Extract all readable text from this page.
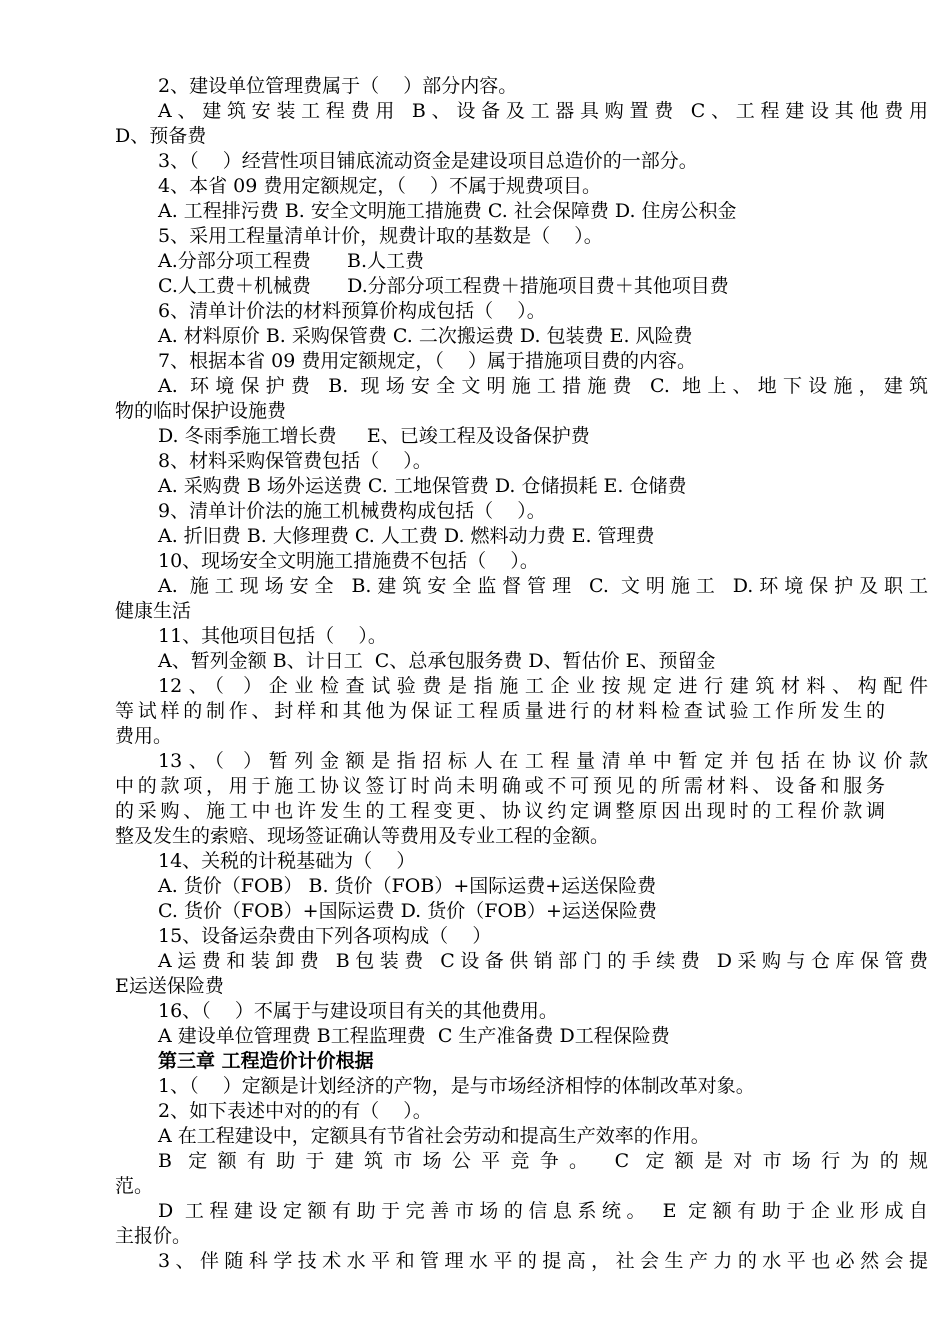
2、建设单位管理费属于（    ）部分内容。
A、建筑安装工程费用 B、设备及工器具购置费 C、工程建设其他费用
D、预备费
3、（    ）经营性项目铺底流动资金是建设项目总造价的一部分。
4、本省 09 费用定额规定，（    ）不属于规费项目。
A. 工程排污费 B. 安全文明施工措施费 C. 社会保障费 D. 住房公积金
5、采用工程量清单计价，规费计取的基数是（    ）。
A.分部分项工程费      B.人工费
C.人工费＋机械费      D.分部分项工程费＋措施项目费＋其他项目费
6、清单计价法的材料预算价构成包括（    ）。
A. 材料原价 B. 采购保管费 C. 二次搬运费 D. 包装费 E. 风险费
7、根据本省 09 费用定额规定，（    ）属于措施项目费的内容。
A. 环境保护费 B. 现场安全文明施工措施费 C. 地上、地下设施，建筑
物的临时保护设施费
D. 冬雨季施工增长费     E、已竣工程及设备保护费
8、材料采购保管费包括（    ）。
A. 采购费 B 场外运送费 C. 工地保管费 D. 仓储损耗 E. 仓储费
9、清单计价法的施工机械费构成包括（    ）。
A. 折旧费 B. 大修理费 C. 人工费 D. 燃料动力费 E. 管理费
10、现场安全文明施工措施费不包括（    ）。
A. 施工现场安全 B.建筑安全监督管理 C. 文明施工 D.环境保护及职工
健康生活
11、其他项目包括（    ）。
A、暂列金额 B、计日工  C、总承包服务费 D、暂估价 E、预留金
12、（ ）企业检查试验费是指施工企业按规定进行建筑材料、构配件
等试样的制作、封样和其他为保证工程质量进行的材料检查试验工作所发生的
费用。
13、（ ）暂列金额是指招标人在工程量清单中暂定并包括在协议价款
中的款项，用于施工协议签订时尚未明确或不可预见的所需材料、设备和服务
的采购、施工中也许发生的工程变更、协议约定调整原因出现时的工程价款调
整及发生的索赔、现场签证确认等费用及专业工程的金额。
14、关税的计税基础为（    ）
A. 货价（FOB） B. 货价（FOB）+国际运费+运送保险费
C. 货价（FOB）+国际运费 D. 货价（FOB）+运送保险费
15、设备运杂费由下列各项构成（    ）
A运费和装卸费 B包装费 C设备供销部门的手续费 D采购与仓库保管费
E运送保险费
16、（    ）不属于与建设项目有关的其他费用。
A 建设单位管理费 B工程监理费  C 生产准备费 D工程保险费
第三章 工程造价计价根据
1、（    ）定额是计划经济的产物，是与市场经济相悖的体制改革对象。
2、如下表述中对的的有（    ）。
A 在工程建设中，定额具有节省社会劳动和提高生产效率的作用。
B 定额有助于建筑市场公平竞争。 C 定额是对市场行为的规
范。
D 工程建设定额有助于完善市场的信息系统。 E 定额有助于企业形成自
主报价。
3、伴随科学技术水平和管理水平的提高，社会生产力的水平也必然会提
